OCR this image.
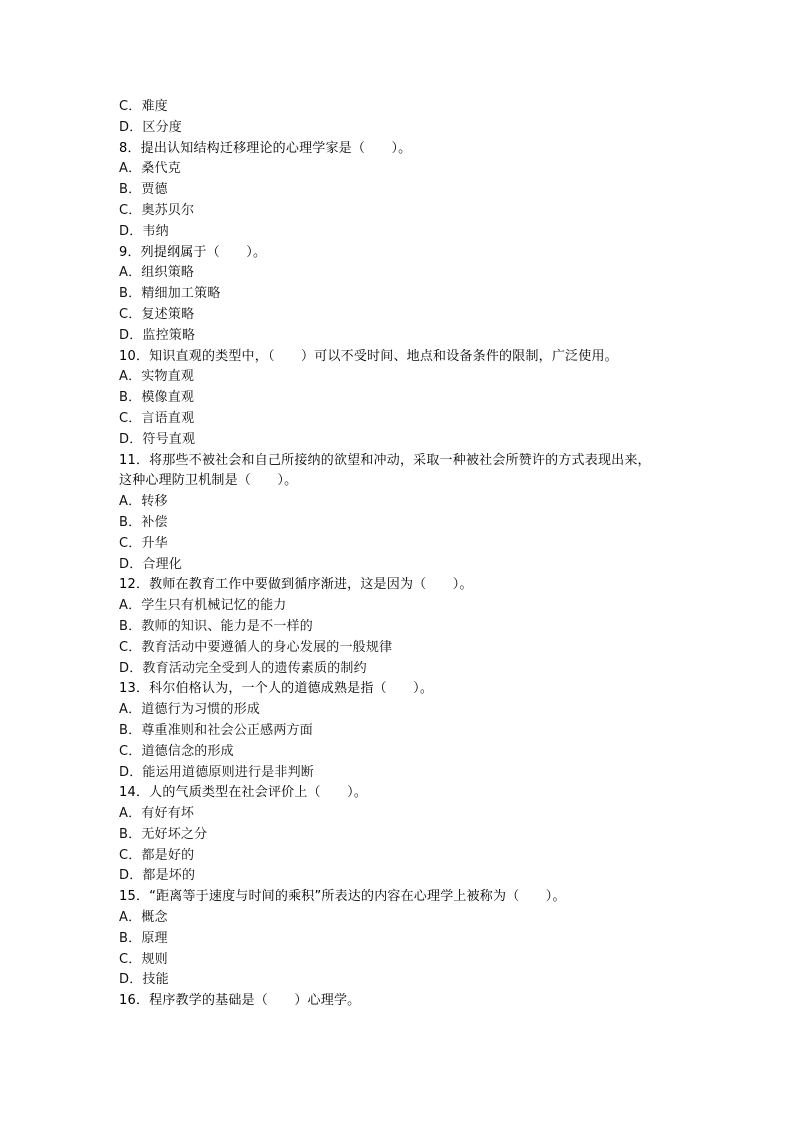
C．难度
D．区分度
8．提出认知结构迁移理论的心理学家是（　　）。
A．桑代克
B．贾德
C．奥苏贝尔
D．韦纳
9．列提纲属于（　　）。
A．组织策略
B．精细加工策略
C．复述策略
D．监控策略
10．知识直观的类型中，（　　）可以不受时间、地点和设备条件的限制，广泛使用。
A．实物直观
B．模像直观
C．言语直观
D．符号直观
11．将那些不被社会和自己所接纳的欲望和冲动，采取一种被社会所赞许的方式表现出来，
这种心理防卫机制是（　　）。
A．转移
B．补偿
C．升华
D．合理化
12．教师在教育工作中要做到循序渐进，这是因为（　　）。
A．学生只有机械记忆的能力
B．教师的知识、能力是不一样的
C．教育活动中要遵循人的身心发展的一般规律
D．教育活动完全受到人的遗传素质的制约
13．科尔伯格认为，一个人的道德成熟是指（　　）。
A．道德行为习惯的形成
B．尊重准则和社会公正感两方面
C．道德信念的形成
D．能运用道德原则进行是非判断
14．人的气质类型在社会评价上（　　）。
A．有好有坏
B．无好坏之分
C．都是好的
D．都是坏的
15．“距离等于速度与时间的乘积”所表达的内容在心理学上被称为（　　）。
A．概念
B．原理
C．规则
D．技能
16．程序教学的基础是（　　）心理学。
